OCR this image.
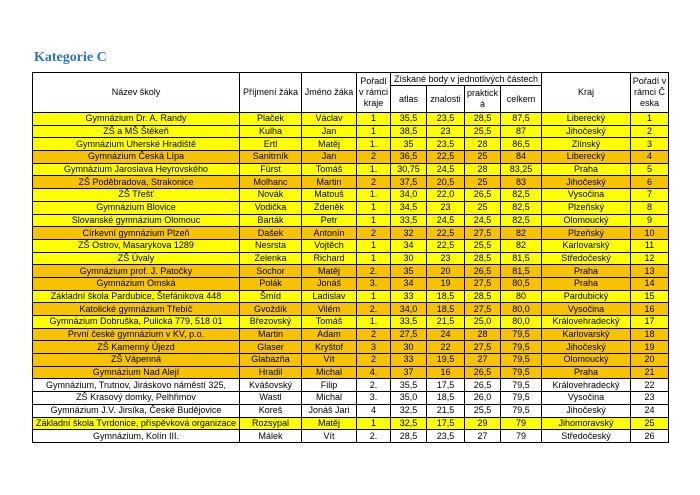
Kategorie C
Název školy	Příjmení žáka	Jméno žáka	Pořadí v rámci kraje	Získané body v jednotlivých částech				Kraj	Pořadí v rámci Česka
				atlas	znalosti	praktická	celkem		
Gymnázium Dr. A. Randy	Plaček	Václav	1	35,5	23,5	28,5	87,5	Liberecký	1
ZŠ a MŠ Štěkeň	Kulha	Jan	1	38,5	23	25,5	87	Jihočeský	2
Gymnázium Uherské Hradiště	Ertl	Matěj	1.	35	23,5	28	86,5	Zlínský	3
Gymnázium Česká Lípa	Sanitrník	Jan	2	36,5	22,5	25	84	Liberecký	4
Gymnázium Jaroslava Heyrovského	Fürst	Tomáš	1.	30,75	24,5	28	83,25	Praha	5
ZŠ Poděbradova, Strakonice	Molhanc	Martin	2	37,5	20,5	25	83	Jihočeský	6
ZŠ Třešť	Novák	Matouš	1.	34,0	22,0	26,5	82,5	Vysočina	7
Gymnázium Blovice	Vodička	Zdeněk	1	34,5	23	25	82,5	Plzeňský	8
Slovanské gymnázium Olomouc	Barták	Petr	1	33,5	24,5	24,5	82,5	Olomoucký	9
Církevní gymnázium Plzeň	Dašek	Antonín	2	32	22,5	27,5	82	Plzeňský	10
ZŠ Ostrov, Masarykova 1289	Nesrsta	Vojtěch	1	34	22,5	25,5	82	Karlovarský	11
ZŠ Úvaly	Zelenka	Richard	1	30	23	28,5	81,5	Středočeský	12
Gymnázium prof. J. Patočky	Sochor	Matěj	2.	35	20	26,5	81,5	Praha	13
Gymnázium Omská	Polák	Jonáš	3.	34	19	27,5	80,5	Praha	14
Základní škola Pardubice, Štefánikova 448	Šmíd	Ladislav	1	33	18,5	28,5	80	Pardubický	15
Katolické gymnázium Třebíč	Gvoždík	Vilém	2.	34,0	18,5	27,5	80,0	Vysočina	16
Gymnázium Dobruška, Pulická 779, 518 01	Březovský	Tomáš	1.	33,5	21,5	25,0	80,0	Královehradecký	17
První české gymnázium v KV, p.o.	Martin	Adam	2	27,5	24	28	79,5	Karlovarský	18
ZŠ Kamenný Újezd	Glaser	Kryštof	3	30	22	27,5	79,5	Jihočeský	19
ZŠ Vápenná	Glabazňa	Vít	2	33	19,5	27	79,5	Olomoucký	20
Gymnázium Nad Alejí	Hradil	Michal	4.	37	16	26,5	79,5	Praha	21
Gymnázium, Trutnov, Jiráskovo náměstí 325,	Kvášovský	Filip	2.	35,5	17,5	26,5	79,5	Královehradecký	22
ZŠ Krasový domky, Pelhřimov	Wastl	Michal	3.	35,0	18,5	26,0	79,5	Vysočina	23
Gymnázium J.V. Jirsíka, České Budějovice	Koreš	Jonáš Jari	4	32,5	21,5	25,5	79,5	Jihočeský	24
Základní škola Tvrdonice, příspěvková organizace	Rozsypal	Matěj	1	32,5	17,5	29	79	Jihomoravský	25
Gymnázium, Kolín III.	Málek	Vít	2.	28,5	23,5	27	79	Středočeský	26
